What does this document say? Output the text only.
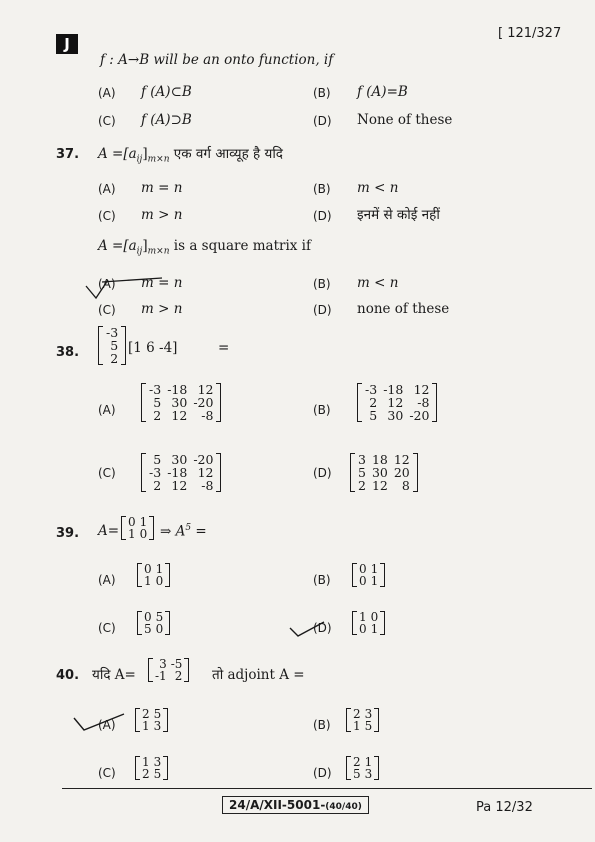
J
[ 121/327
f : A→B will be an onto function, if
(A) f (A)⊂B	(B) f (A)=B
(C) f (A)⊃B	(D) None of these
37. $A =[a_{ij}]_{m\times n}$ एक वर्ग आव्यूह है यदि
(A) m = n	(B) m < n
(C) m > n	(D) इनमें से कोई नहीं
$A =[a_{ij}]_{m\times n}$ is a square matrix if
(A) m = n	(B) m < n
(C) m > n	(D) none of these
38.
-3
5
2
[1 6 -4]	=
(A)
-3	-18	12
5	30	-20
2	12	-8	(B)
-3	-18	12
2	12	-8
5	30	-20
(C)
5	30	-20
-3	-18	12
2	12	-8
(D)
3	18	12
5	30	20
2	12	8
39. A=
0	1
1	0 ⇒ $A^5$ =
(A)
0	1
1	0	(B)
0	1
0	1
(C)
0	5
5	0	(D)
1	0
0	1
40. यदि A=
3	-5
-1	2 तो adjoint A =
(A)
2	5
1	3	(B)
2	3
1	5
(C)
1	3
2	5	(D)
2	1
5	3
24/A/XII-5001-(40/40)	Pa 12/32
